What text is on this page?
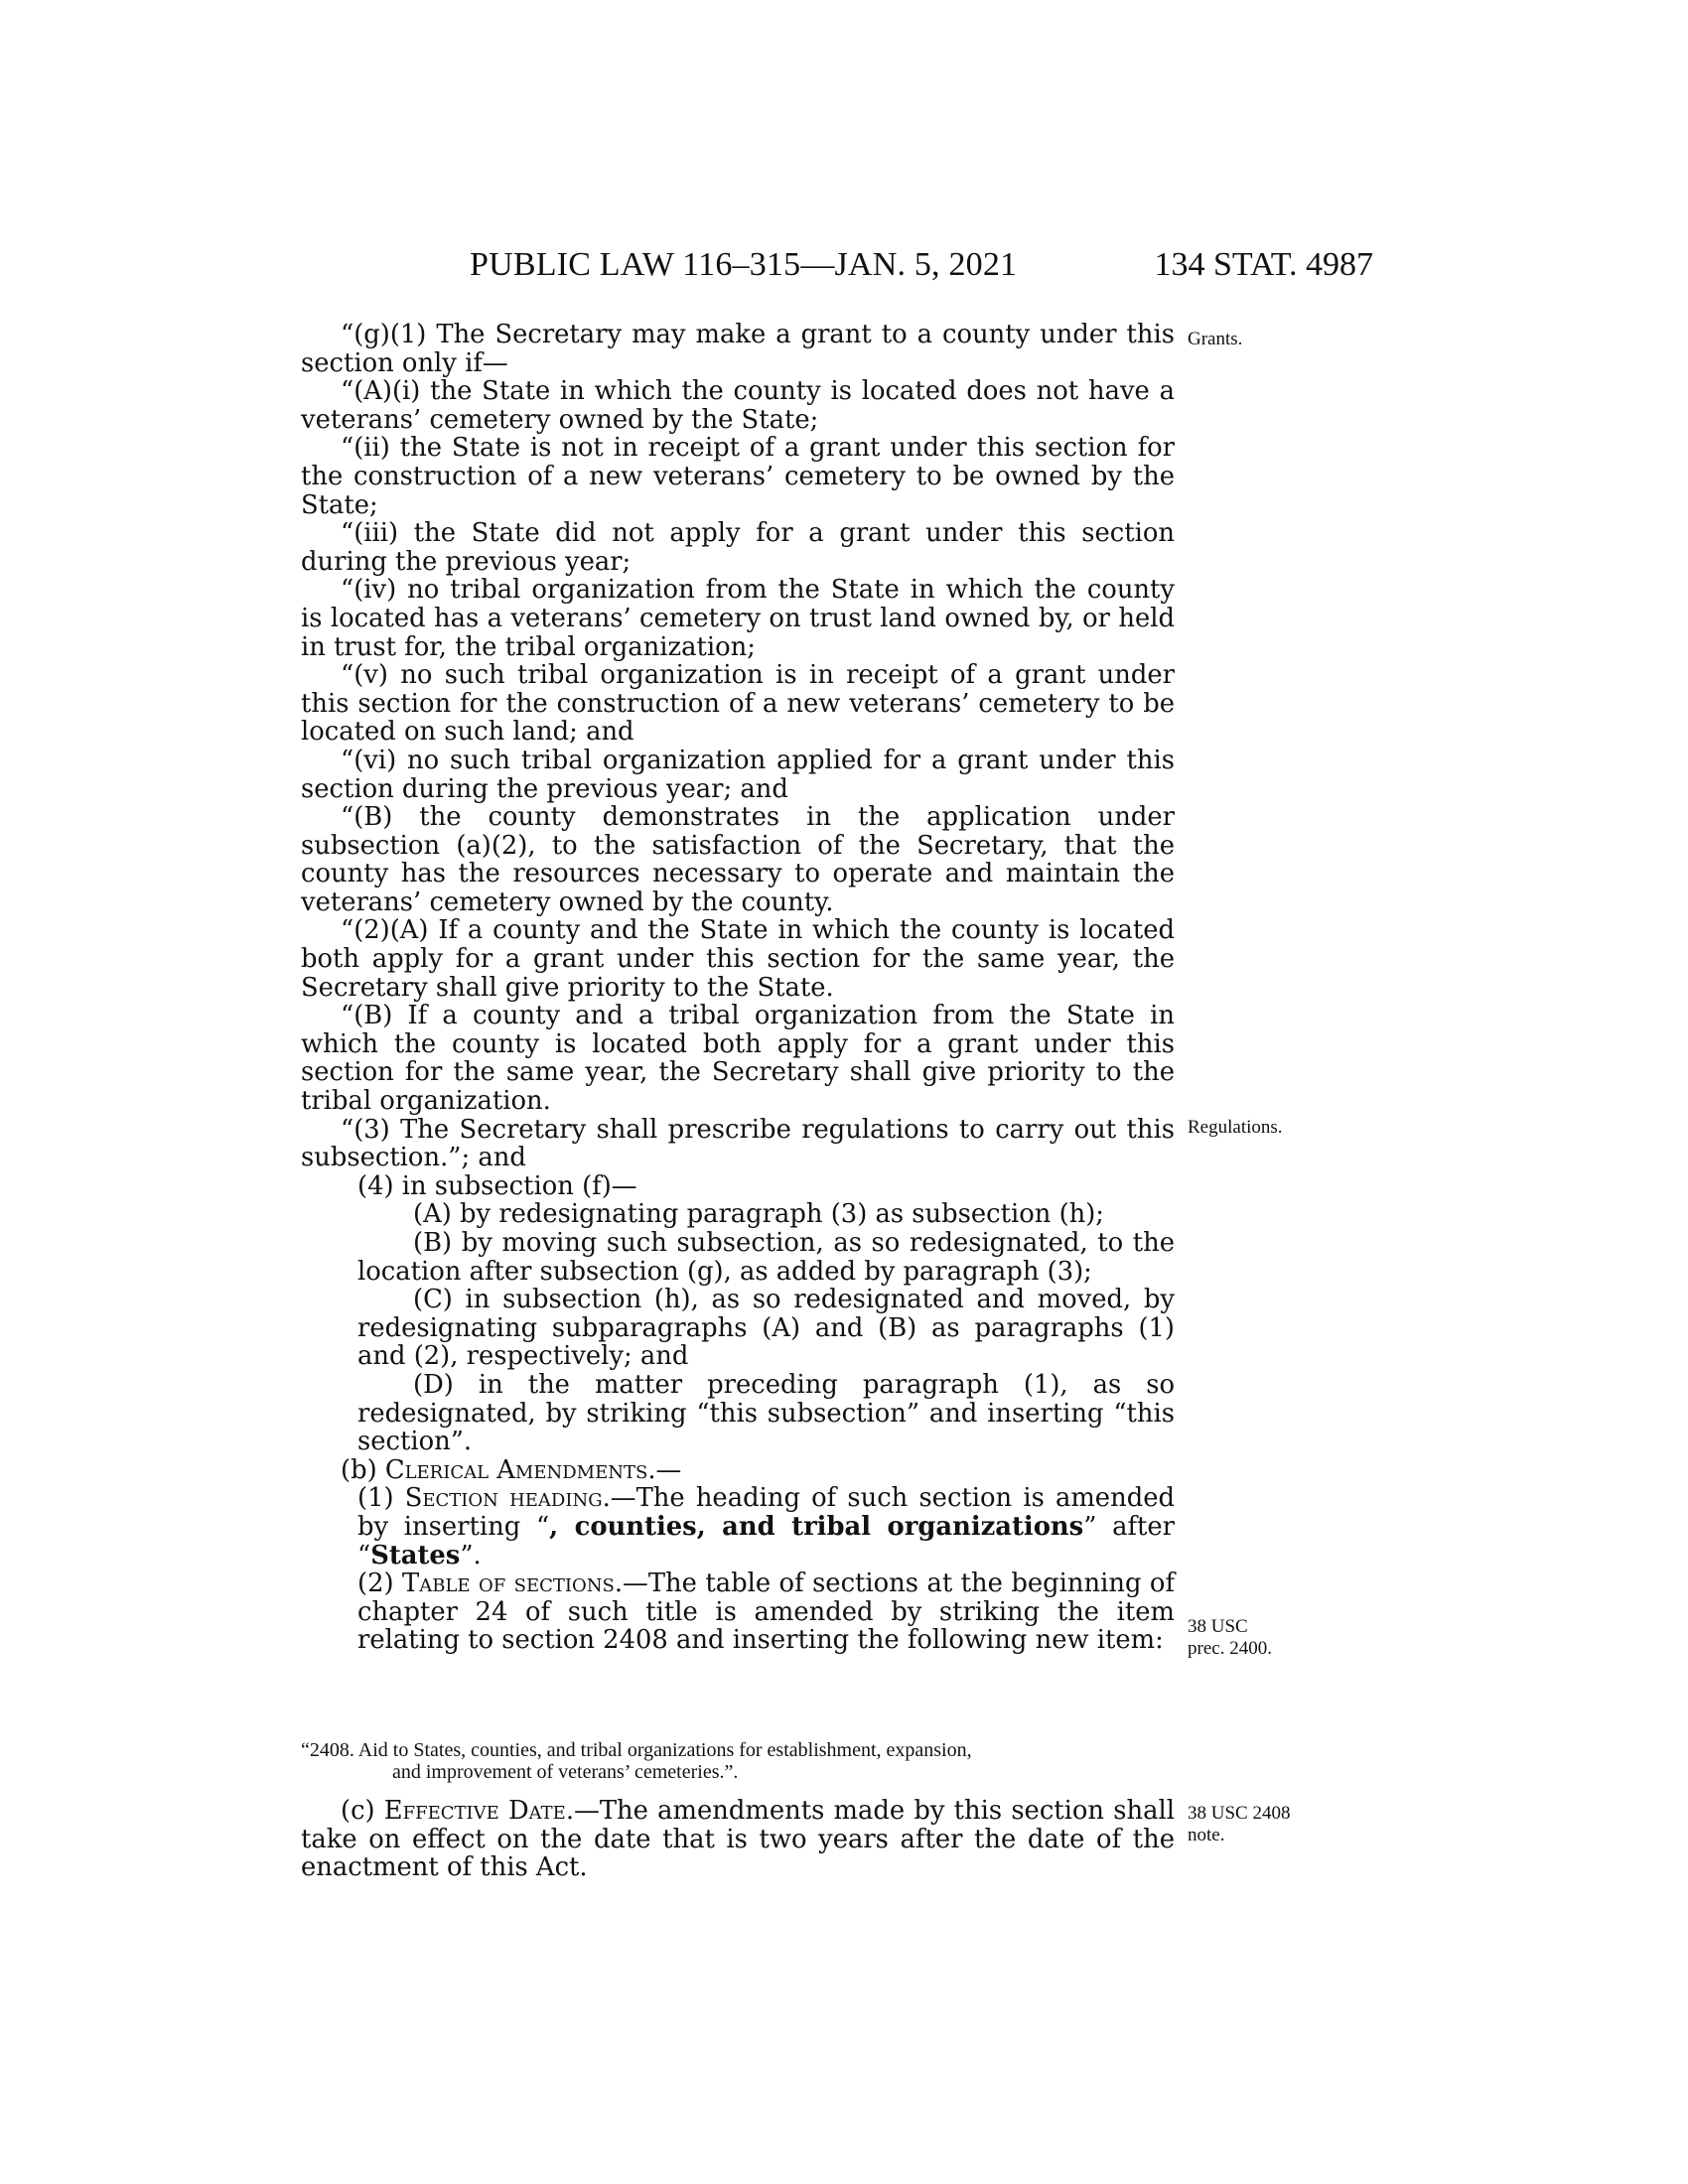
PUBLIC LAW 116–315—JAN. 5, 2021	134 STAT. 4987

“(g)(1) The Secretary may make a grant to a county under this section only if—

“(A)(i) the State in which the county is located does not have a veterans’ cemetery owned by the State;

“(ii) the State is not in receipt of a grant under this section for the construction of a new veterans’ cemetery to be owned by the State;

“(iii) the State did not apply for a grant under this section during the previous year;

“(iv) no tribal organization from the State in which the county is located has a veterans’ cemetery on trust land owned by, or held in trust for, the tribal organization;

“(v) no such tribal organization is in receipt of a grant under this section for the construction of a new veterans’ cemetery to be located on such land; and

“(vi) no such tribal organization applied for a grant under this section during the previous year; and

“(B) the county demonstrates in the application under subsection (a)(2), to the satisfaction of the Secretary, that the county has the resources necessary to operate and maintain the veterans’ cemetery owned by the county.

“(2)(A) If a county and the State in which the county is located both apply for a grant under this section for the same year, the Secretary shall give priority to the State.

“(B) If a county and a tribal organization from the State in which the county is located both apply for a grant under this section for the same year, the Secretary shall give priority to the tribal organization.

“(3) The Secretary shall prescribe regulations to carry out this subsection.”; and

(4) in subsection (f)—

(A) by redesignating paragraph (3) as subsection (h);

(B) by moving such subsection, as so redesignated, to the location after subsection (g), as added by paragraph (3);

(C) in subsection (h), as so redesignated and moved, by redesignating subparagraphs (A) and (B) as paragraphs (1) and (2), respectively; and

(D) in the matter preceding paragraph (1), as so redesignated, by striking “this subsection” and inserting “this section”.

(b) Clerical Amendments.—

(1) Section heading.—The heading of such section is amended by inserting “, counties, and tribal organizations” after “States”.

(2) Table of sections.—The table of sections at the beginning of chapter 24 of such title is amended by striking the item relating to section 2408 and inserting the following new item:

“2408. Aid to States, counties, and tribal organizations for establishment, expansion,
and improvement of veterans’ cemeteries.”.

(c) Effective Date.—The amendments made by this section shall take on effect on the date that is two years after the date of the enactment of this Act.

Grants.
Regulations.
38 USC
prec. 2400.
38 USC 2408
note.
